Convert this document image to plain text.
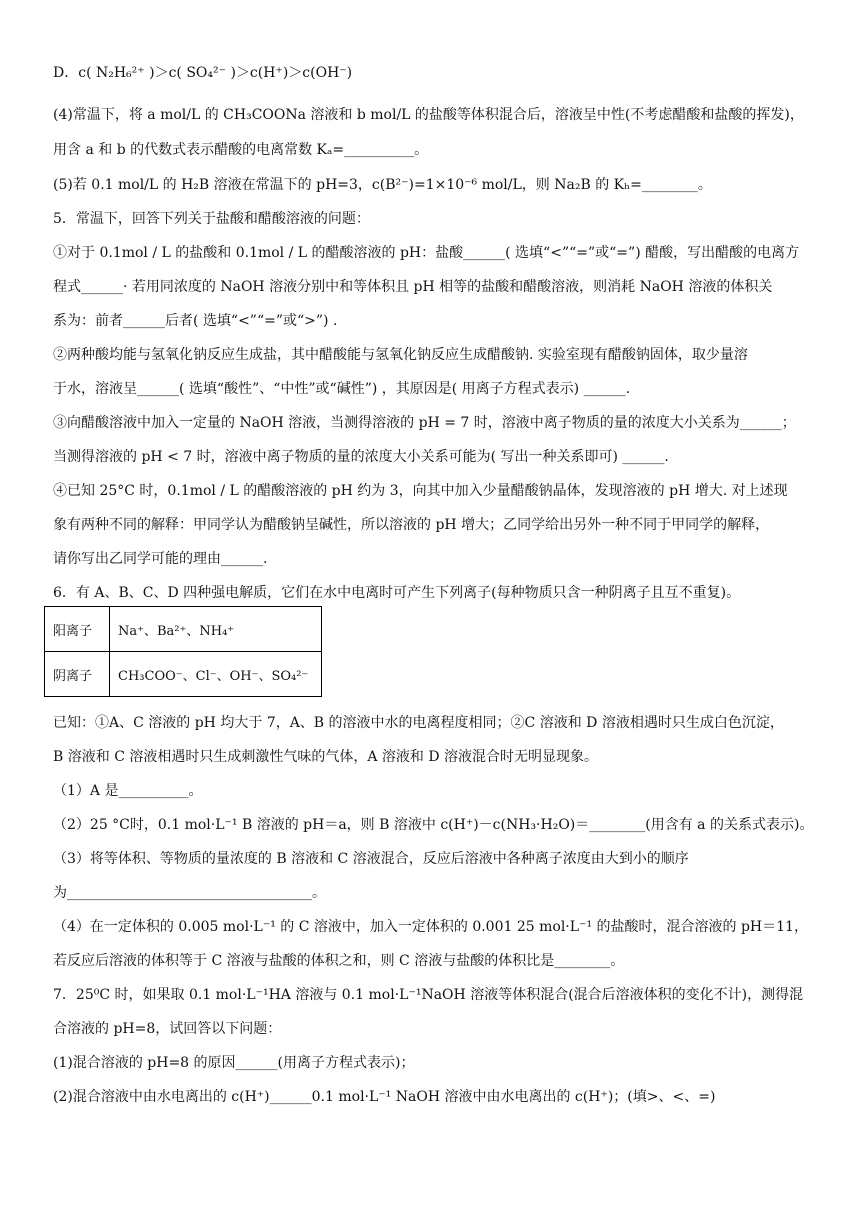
D．c( N₂H₆²⁺ )＞c( SO₄²⁻ )＞c(H⁺)＞c(OH⁻)
(4)常温下，将 a mol/L 的 CH₃COONa 溶液和 b mol/L 的盐酸等体积混合后，溶液呈中性(不考虑醋酸和盐酸的挥发)，
用含 a 和 b 的代数式表示醋酸的电离常数 Kₐ=__________。
(5)若 0.1 mol/L 的 H₂B 溶液在常温下的 pH=3，c(B²⁻)=1×10⁻⁶ mol/L，则 Na₂B 的 Kₕ=________。
5．常温下，回答下列关于盐酸和醋酸溶液的问题：
①对于 0.1mol / L 的盐酸和 0.1mol / L 的醋酸溶液的 pH：盐酸______( 选填“<”“=”或“=”) 醋酸，写出醋酸的电离方
程式______· 若用同浓度的 NaOH 溶液分别中和等体积且 pH 相等的盐酸和醋酸溶液，则消耗 NaOH 溶液的体积关
系为：前者______后者( 选填“<”“=”或“>”) .
②两种酸均能与氢氧化钠反应生成盐，其中醋酸能与氢氧化钠反应生成醋酸钠. 实验室现有醋酸钠固体，取少量溶
于水，溶液呈______( 选填“酸性”、“中性”或“碱性”) ，其原因是( 用离子方程式表示) ______.
③向醋酸溶液中加入一定量的 NaOH 溶液，当测得溶液的 pH = 7 时，溶液中离子物质的量的浓度大小关系为______；
当测得溶液的 pH < 7 时，溶液中离子物质的量的浓度大小关系可能为( 写出一种关系即可) ______.
④已知 25°C 时，0.1mol / L 的醋酸溶液的 pH 约为 3，向其中加入少量醋酸钠晶体，发现溶液的 pH 增大. 对上述现
象有两种不同的解释：甲同学认为醋酸钠呈碱性，所以溶液的 pH 增大；乙同学给出另外一种不同于甲同学的解释，
请你写出乙同学可能的理由______.
6．有 A、B、C、D 四种强电解质，它们在水中电离时可产生下列离子(每种物质只含一种阴离子且互不重复)。
已知：①A、C 溶液的 pH 均大于 7，A、B 的溶液中水的电离程度相同；②C 溶液和 D 溶液相遇时只生成白色沉淀，
B 溶液和 C 溶液相遇时只生成刺激性气味的气体，A 溶液和 D 溶液混合时无明显现象。
（1）A 是__________。
（2）25 °C时，0.1 mol·L⁻¹ B 溶液的 pH＝a，则 B 溶液中 c(H⁺)－c(NH₃·H₂O)＝________(用含有 a 的关系式表示)。
（3）将等体积、等物质的量浓度的 B 溶液和 C 溶液混合，反应后溶液中各种离子浓度由大到小的顺序
为___________________________________。
（4）在一定体积的 0.005 mol·L⁻¹ 的 C 溶液中，加入一定体积的 0.001 25 mol·L⁻¹ 的盐酸时，混合溶液的 pH＝11，
若反应后溶液的体积等于 C 溶液与盐酸的体积之和，则 C 溶液与盐酸的体积比是________。
7．25⁰C 时，如果取 0.1 mol·L⁻¹HA 溶液与 0.1 mol·L⁻¹NaOH 溶液等体积混合(混合后溶液体积的变化不计)，测得混
合溶液的 pH=8，试回答以下问题：
(1)混合溶液的 pH=8 的原因______(用离子方程式表示)；
(2)混合溶液中由水电离出的 c(H⁺)______0.1 mol·L⁻¹ NaOH 溶液中由水电离出的 c(H⁺)；(填>、<、=)
阳离子	Na⁺、Ba²⁺、NH₄⁺
阴离子	CH₃COO⁻、Cl⁻、OH⁻、SO₄²⁻
